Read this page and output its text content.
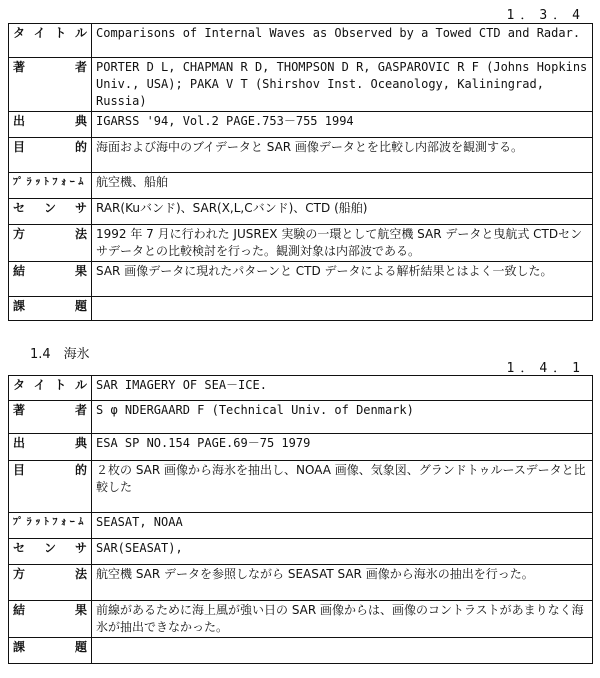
1．3．4
タイトル	Comparisons of Internal Waves as Observed by a Towed CTD and Radar.
著　者	PORTER D L, CHAPMAN R D, THOMPSON D R, GASPAROVIC R F (Johns Hopkins Univ., USA); PAKA V T (Shirshov Inst. Oceanology, Kaliningrad, Russia)
出　典	IGARSS '94, Vol.2 PAGE.753－755 1994
目　的	海面および海中のブイデータと SAR 画像データとを比較し内部波を観測する。
ﾌﾟﾗｯﾄﾌｫｰﾑ	航空機、船舶
セ ン サ	RAR(Kuバンド)、SAR(X,L,Cバンド)、CTD (船舶)
方　法	1992 年 7 月に行われた JUSREX 実験の一環として航空機 SAR データと曳航式 CTDセンサデータとの比較検討を行った。観測対象は内部波である。
結　果	SAR 画像データに現れたパターンと CTD データによる解析結果とはよく一致した。
課　題	
1.4　海氷
1．4．1
タイトル	SAR IMAGERY OF SEA－ICE.
著　者	S φ NDERGAARD F (Technical Univ. of Denmark)
出　典	ESA SP NO.154 PAGE.69－75 1979
目　的	２枚の SAR 画像から海氷を抽出し、NOAA 画像、気象図、グランドトゥルースデータと比較した
ﾌﾟﾗｯﾄﾌｫｰﾑ	SEASAT, NOAA
セ ン サ	SAR(SEASAT),
方　法	航空機 SAR データを参照しながら SEASAT SAR 画像から海氷の抽出を行った。
結　果	前線があるために海上風が強い日の SAR 画像からは、画像のコントラストがあまりなく海氷が抽出できなかった。
課　題	
